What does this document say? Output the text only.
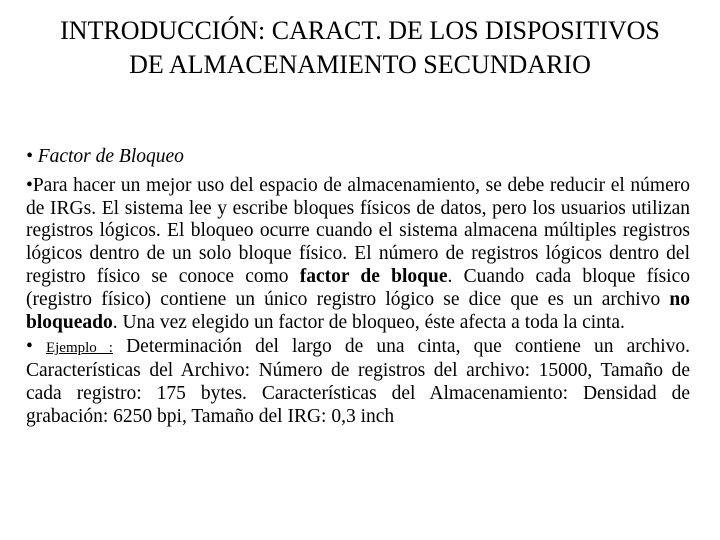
INTRODUCCIÓN: CARACT. DE LOS DISPOSITIVOS
DE ALMACENAMIENTO SECUNDARIO
• Factor de Bloqueo
•Para hacer un mejor uso del espacio de almacenamiento, se debe reducir el número de IRGs. El sistema lee y escribe bloques físicos de datos, pero los usuarios utilizan registros lógicos. El bloqueo ocurre cuando el sistema almacena múltiples registros lógicos dentro de un solo bloque físico. El número de registros lógicos dentro del registro físico se conoce como factor de bloque. Cuando cada bloque físico (registro físico) contiene un único registro lógico se dice que es un archivo no bloqueado. Una vez elegido un factor de bloqueo, éste afecta a toda la cinta.
• Ejemplo : Determinación del largo de una cinta, que contiene un archivo. Características del Archivo: Número de registros del archivo: 15000, Tamaño de cada registro: 175 bytes. Características del Almacenamiento: Densidad de grabación: 6250 bpi, Tamaño del IRG: 0,3 inch
